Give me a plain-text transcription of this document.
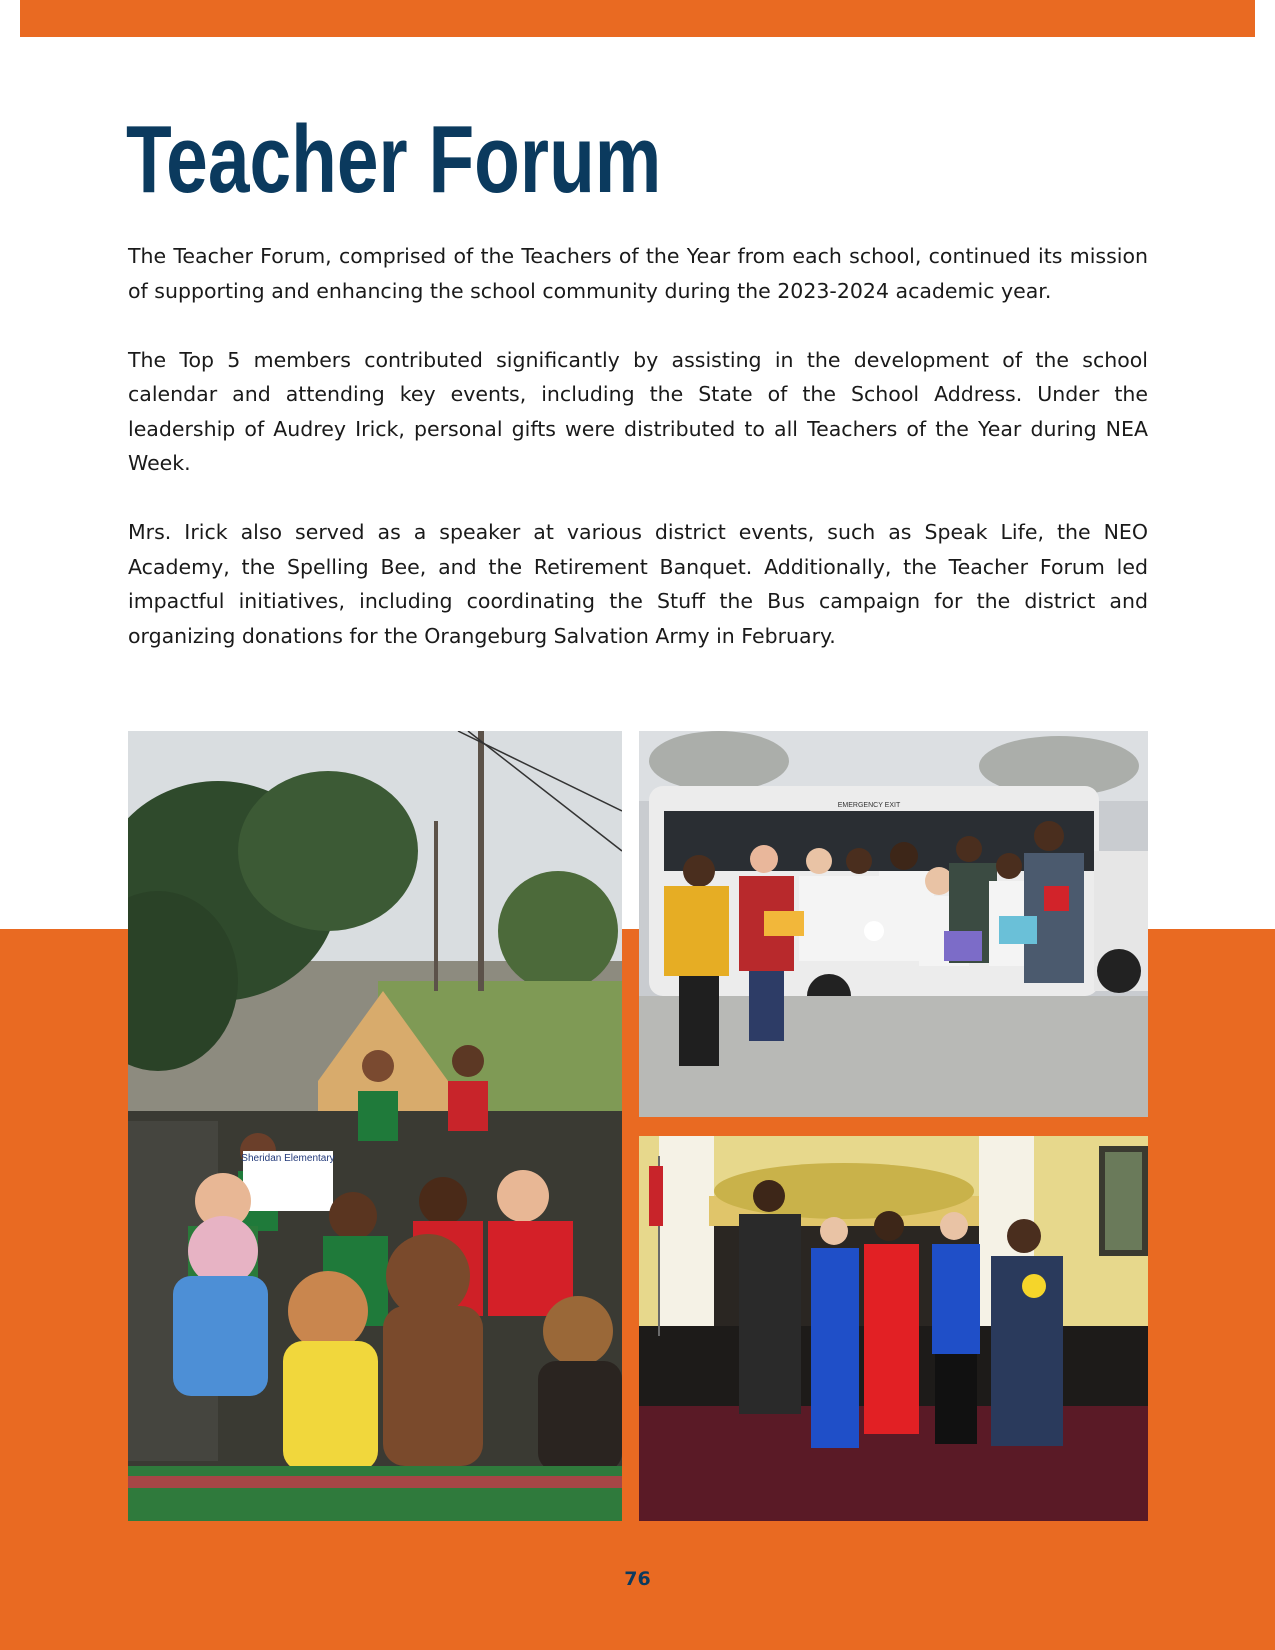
Teacher Forum

The Teacher Forum, comprised of the Teachers of the Year from each school, continued its mission of supporting and enhancing the school community during the 2023-2024 academic year.

The Top 5 members contributed significantly by assisting in the development of the school calendar and attending key events, including the State of the School Address. Under the leadership of Audrey Irick, personal gifts were distributed to all Teachers of the Year during NEA Week.

Mrs. Irick also served as a speaker at various district events, such as Speak Life, the NEO Academy, the Spelling Bee, and the Retirement Banquet. Additionally, the Teacher Forum led impactful initiatives, including coordinating the Stuff the Bus campaign for the district and organizing donations for the Orangeburg Salvation Army in February.

Sheridan Elementary
EMERGENCY EXIT
76
